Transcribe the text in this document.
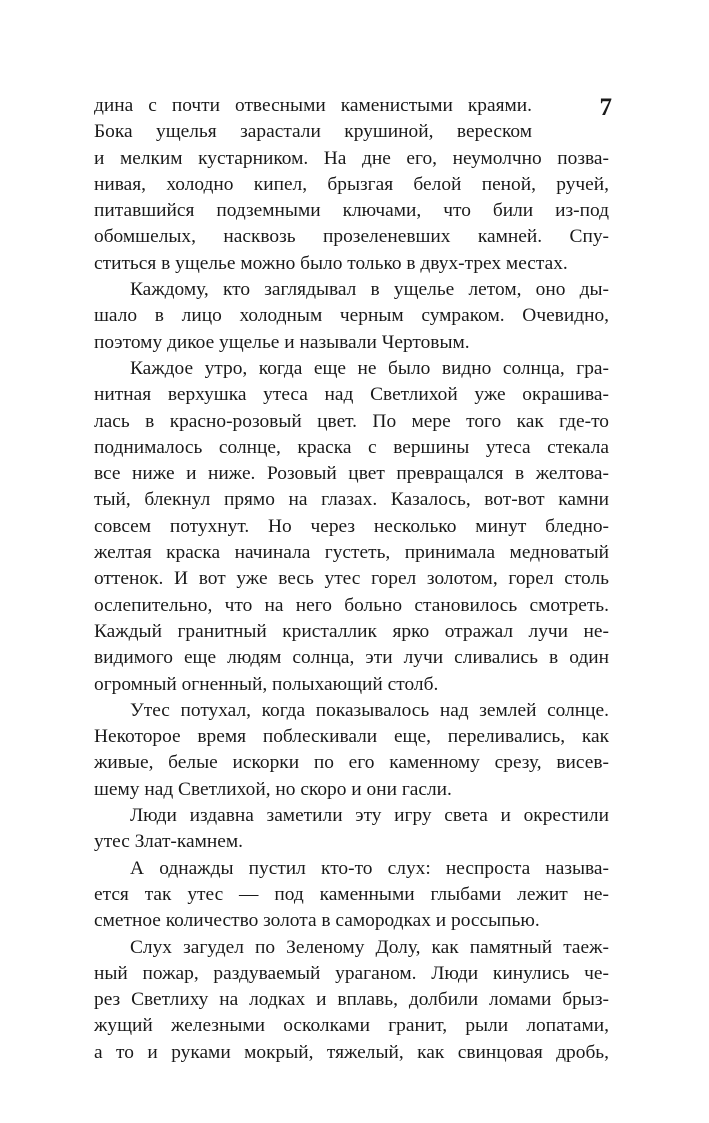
7
дина с почти отвесными каменистыми краями.
Бока ущелья зарастали крушиной, вереском
и мелким кустарником. На дне его, неумолчно позва-
нивая, холодно кипел, брызгая белой пеной, ручей,
питавшийся подземными ключами, что били из-под
обомшелых, насквозь прозеленевших камней. Спу-
ститься в ущелье можно было только в двух-трех местах.
Каждому, кто заглядывал в ущелье летом, оно ды-
шало в лицо холодным черным сумраком. Очевидно,
поэтому дикое ущелье и называли Чертовым.
Каждое утро, когда еще не было видно солнца, гра-
нитная верхушка утеса над Светлихой уже окрашива-
лась в красно-розовый цвет. По мере того как где-то
поднималось солнце, краска с вершины утеса стекала
все ниже и ниже. Розовый цвет превращался в желтова-
тый, блекнул прямо на глазах. Казалось, вот-вот камни
совсем потухнут. Но через несколько минут бледно-
желтая краска начинала густеть, принимала медноватый
оттенок. И вот уже весь утес горел золотом, горел столь
ослепительно, что на него больно становилось смотреть.
Каждый гранитный кристаллик ярко отражал лучи не-
видимого еще людям солнца, эти лучи сливались в один
огромный огненный, полыхающий столб.
Утес потухал, когда показывалось над землей солнце.
Некоторое время поблескивали еще, переливались, как
живые, белые искорки по его каменному срезу, висев-
шему над Светлихой, но скоро и они гасли.
Люди издавна заметили эту игру света и окрестили
утес Злат-камнем.
А однажды пустил кто-то слух: неспроста называ-
ется так утес — под каменными глыбами лежит не-
сметное количество золота в самородках и россыпью.
Слух загудел по Зеленому Долу, как памятный таеж-
ный пожар, раздуваемый ураганом. Люди кинулись че-
рез Светлиху на лодках и вплавь, долбили ломами брыз-
жущий железными осколками гранит, рыли лопатами,
а то и руками мокрый, тяжелый, как свинцовая дробь,
